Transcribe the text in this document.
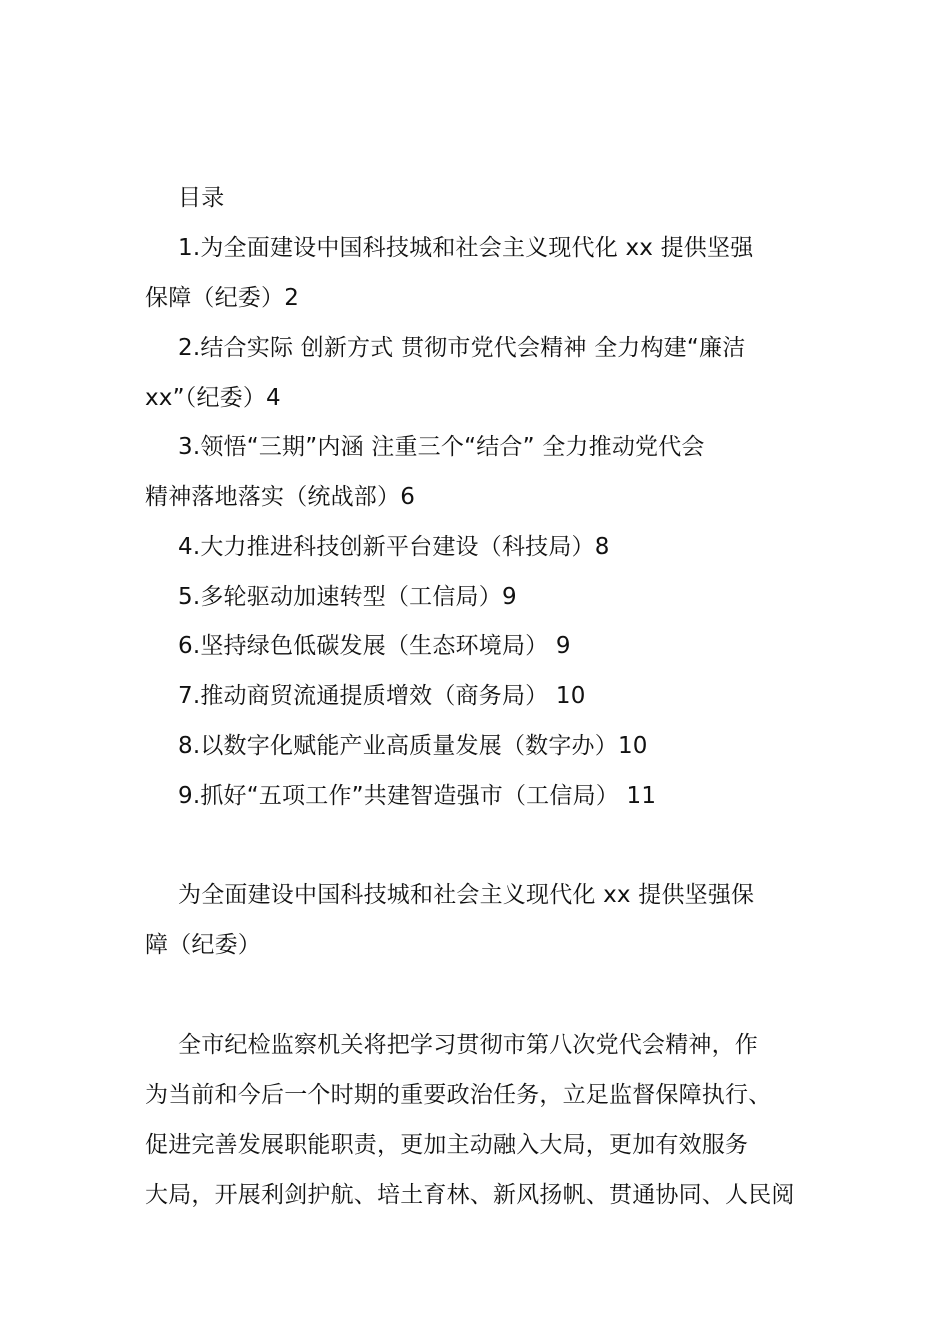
目录
1.为全面建设中国科技城和社会主义现代化 xx 提供坚强
保障（纪委）2
2.结合实际 创新方式 贯彻市党代会精神 全力构建“廉洁
xx”（纪委）4
3.领悟“三期”内涵 注重三个“结合” 全力推动党代会
精神落地落实（统战部）6
4.大力推进科技创新平台建设（科技局）8
5.多轮驱动加速转型（工信局）9
6.坚持绿色低碳发展（生态环境局） 9
7.推动商贸流通提质增效（商务局） 10
8.以数字化赋能产业高质量发展（数字办）10
9.抓好“五项工作”共建智造强市（工信局） 11
为全面建设中国科技城和社会主义现代化 xx 提供坚强保
障（纪委）
全市纪检监察机关将把学习贯彻市第八次党代会精神，作
为当前和今后一个时期的重要政治任务，立足监督保障执行、
促进完善发展职能职责，更加主动融入大局，更加有效服务
大局，开展利剑护航、培土育林、新风扬帆、贯通协同、人民阅
